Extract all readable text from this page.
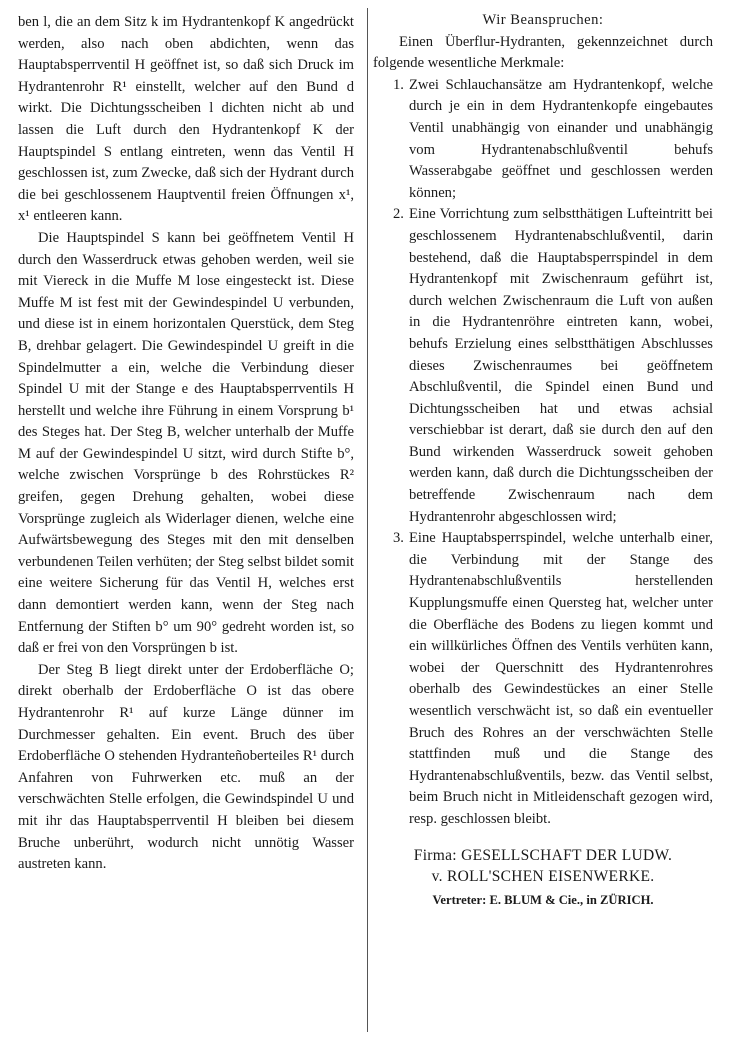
ben l, die an dem Sitz k im Hydrantenkopf K angedrückt werden, also nach oben abdichten, wenn das Hauptabsperrventil H geöffnet ist, so daß sich Druck im Hydrantenrohr R¹ einstellt, welcher auf den Bund d wirkt. Die Dichtungsscheiben l dichten nicht ab und lassen die Luft durch den Hydrantenkopf K der Hauptspindel S entlang eintreten, wenn das Ventil H geschlossen ist, zum Zwecke, daß sich der Hydrant durch die bei geschlossenem Hauptventil freien Öffnungen x¹, x¹ entleeren kann.

Die Hauptspindel S kann bei geöffnetem Ventil H durch den Wasserdruck etwas gehoben werden, weil sie mit Viereck in die Muffe M lose eingesteckt ist. Diese Muffe M ist fest mit der Gewindespindel U verbunden, und diese ist in einem horizontalen Querstück, dem Steg B, drehbar gelagert. Die Gewindespindel U greift in die Spindelmutter a ein, welche die Verbindung dieser Spindel U mit der Stange e des Hauptabsperrventils H herstellt und welche ihre Führung in einem Vorsprung b¹ des Steges hat. Der Steg B, welcher unterhalb der Muffe M auf der Gewindespindel U sitzt, wird durch Stifte b°, welche zwischen Vorsprünge b des Rohrstückes R² greifen, gegen Drehung gehalten, wobei diese Vorsprünge zugleich als Widerlager dienen, welche eine Aufwärtsbewegung des Steges mit den mit denselben verbundenen Teilen verhüten; der Steg selbst bildet somit eine weitere Sicherung für das Ventil H, welches erst dann demontiert werden kann, wenn der Steg nach Entfernung der Stiften b° um 90° gedreht worden ist, so daß er frei von den Vorsprüngen b ist.

Der Steg B liegt direkt unter der Erdoberfläche O; direkt oberhalb der Erdoberfläche O ist das obere Hydrantenrohr R¹ auf kurze Länge dünner im Durchmesser gehalten. Ein event. Bruch des über Erdoberfläche O stehenden Hydranteñoberteiles R¹ durch Anfahren von Fuhrwerken etc. muß an der verschwächten Stelle erfolgen, die Gewindspindel U und mit ihr das Hauptabsperrventil H bleiben bei diesem Bruche unberührt, wodurch nicht unnötig Wasser austreten kann.

Wir Beanspruchen:

Einen Überflur-Hydranten, gekennzeichnet durch folgende wesentliche Merkmale:

1. Zwei Schlauchansätze am Hydrantenkopf, welche durch je ein in dem Hydrantenkopfe eingebautes Ventil unabhängig von einander und unabhängig vom Hydrantenabschlußventil behufs Wasserabgabe geöffnet und geschlossen werden können;
2. Eine Vorrichtung zum selbstthätigen Lufteintritt bei geschlossenem Hydrantenabschlußventil, darin bestehend, daß die Hauptabsperrspindel in dem Hydrantenkopf mit Zwischenraum geführt ist, durch welchen Zwischenraum die Luft von außen in die Hydrantenröhre eintreten kann, wobei, behufs Erzielung eines selbstthätigen Abschlusses dieses Zwischenraumes bei geöffnetem Abschlußventil, die Spindel einen Bund und Dichtungsscheiben hat und etwas achsial verschiebbar ist derart, daß sie durch den auf den Bund wirkenden Wasserdruck soweit gehoben werden kann, daß durch die Dichtungsscheiben der betreffende Zwischenraum nach dem Hydrantenrohr abgeschlossen wird;
3. Eine Hauptabsperrspindel, welche unterhalb einer, die Verbindung mit der Stange des Hydrantenabschlußventils herstellenden Kupplungsmuffe einen Quersteg hat, welcher unter die Oberfläche des Bodens zu liegen kommt und ein willkürliches Öffnen des Ventils verhüten kann, wobei der Querschnitt des Hydrantenrohres oberhalb des Gewindestückes an einer Stelle wesentlich verschwächt ist, so daß ein eventueller Bruch des Rohres an der verschwächten Stelle stattfinden muß und die Stange des Hydrantenabschlußventils, bezw. das Ventil selbst, beim Bruch nicht in Mitleidenschaft gezogen wird, resp. geschlossen bleibt.

Firma: GESELLSCHAFT DER LUDW.

v. ROLL'SCHEN EISENWERKE.

Vertreter: E. BLUM & Cie., in ZÜRICH.
